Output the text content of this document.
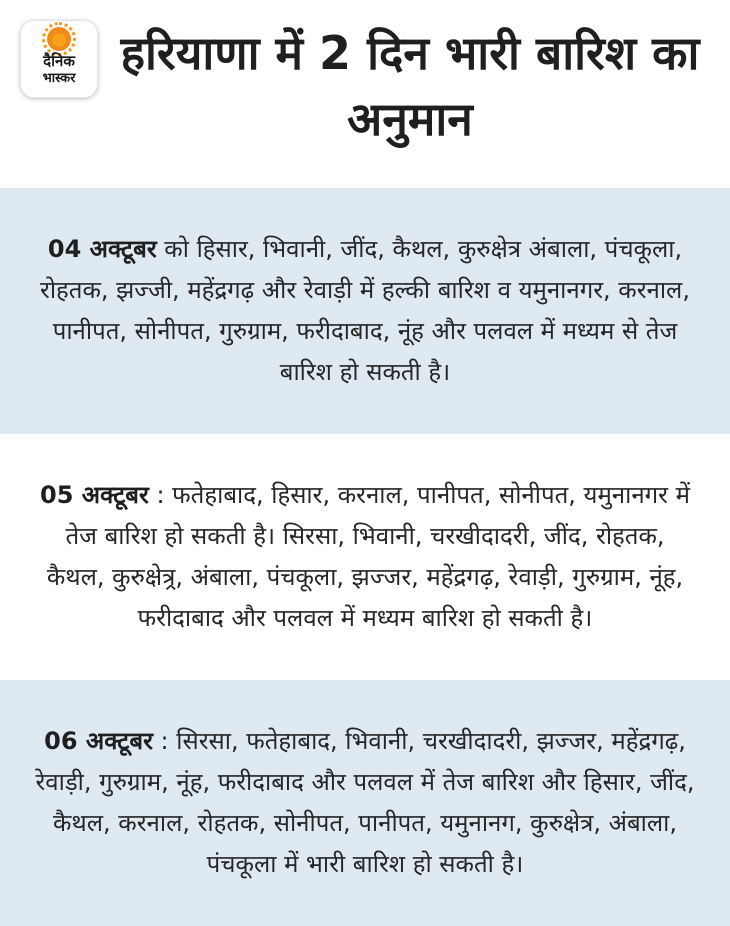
दैनिक
भास्कर हरियाणा में 2 दिन भारी बारिश का अनुमान

04 अक्टूबर को हिसार, भिवानी, जींद, कैथल, कुरुक्षेत्र अंबाला, पंचकूला, रोहतक, झज्जी, महेंद्रगढ़ और रेवाड़ी में हल्की बारिश व यमुनानगर, करनाल, पानीपत, सोनीपत, गुरुग्राम, फरीदाबाद, नूंह और पलवल में मध्यम से तेज बारिश हो सकती है।

05 अक्टूबर : फतेहाबाद, हिसार, करनाल, पानीपत, सोनीपत, यमुनानगर में तेज बारिश हो सकती है। सिरसा, भिवानी, चरखीदादरी, जींद, रोहतक, कैथल, कुरुक्षेत्र्र, अंबाला, पंचकूला, झज्जर, महेंद्रगढ़, रेवाड़ी, गुरुग्राम, नूंह, फरीदाबाद और पलवल में मध्यम बारिश हो सकती है।

06 अक्टूबर : सिरसा, फतेहाबाद, भिवानी, चरखीदादरी, झज्जर, महेंद्रगढ़, रेवाड़ी, गुरुग्राम, नूंह, फरीदाबाद और पलवल में तेज बारिश और हिसार, जींद, कैथल, करनाल, रोहतक, सोनीपत, पानीपत, यमुनानग, कुरुक्षेत्र, अंबाला, पंचकूला में भारी बारिश हो सकती है।
